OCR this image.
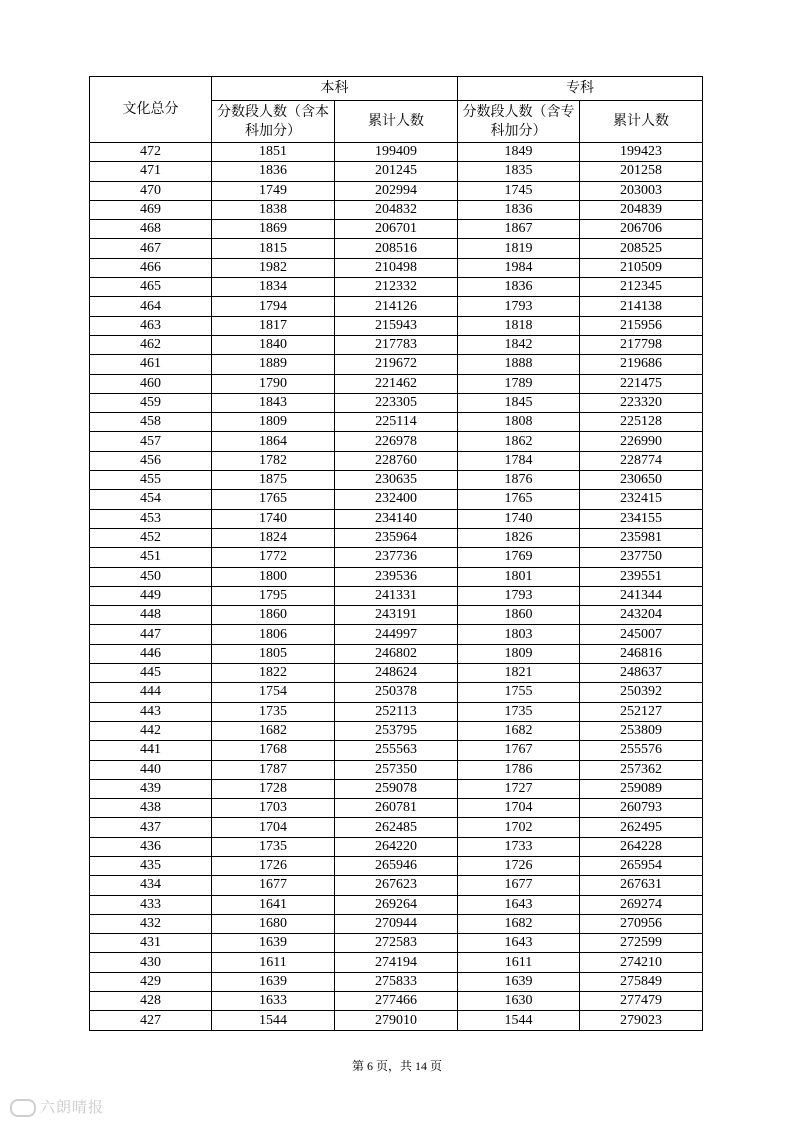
文化总分	本科		专科	
	分数段人数（含本科加分）	累计人数	分数段人数（含专科加分）	累计人数
472	1851	199409	1849	199423
471	1836	201245	1835	201258
470	1749	202994	1745	203003
469	1838	204832	1836	204839
468	1869	206701	1867	206706
467	1815	208516	1819	208525
466	1982	210498	1984	210509
465	1834	212332	1836	212345
464	1794	214126	1793	214138
463	1817	215943	1818	215956
462	1840	217783	1842	217798
461	1889	219672	1888	219686
460	1790	221462	1789	221475
459	1843	223305	1845	223320
458	1809	225114	1808	225128
457	1864	226978	1862	226990
456	1782	228760	1784	228774
455	1875	230635	1876	230650
454	1765	232400	1765	232415
453	1740	234140	1740	234155
452	1824	235964	1826	235981
451	1772	237736	1769	237750
450	1800	239536	1801	239551
449	1795	241331	1793	241344
448	1860	243191	1860	243204
447	1806	244997	1803	245007
446	1805	246802	1809	246816
445	1822	248624	1821	248637
444	1754	250378	1755	250392
443	1735	252113	1735	252127
442	1682	253795	1682	253809
441	1768	255563	1767	255576
440	1787	257350	1786	257362
439	1728	259078	1727	259089
438	1703	260781	1704	260793
437	1704	262485	1702	262495
436	1735	264220	1733	264228
435	1726	265946	1726	265954
434	1677	267623	1677	267631
433	1641	269264	1643	269274
432	1680	270944	1682	270956
431	1639	272583	1643	272599
430	1611	274194	1611	274210
429	1639	275833	1639	275849
428	1633	277466	1630	277479
427	1544	279010	1544	279023
第 6 页，共 14 页
六朗晴报
